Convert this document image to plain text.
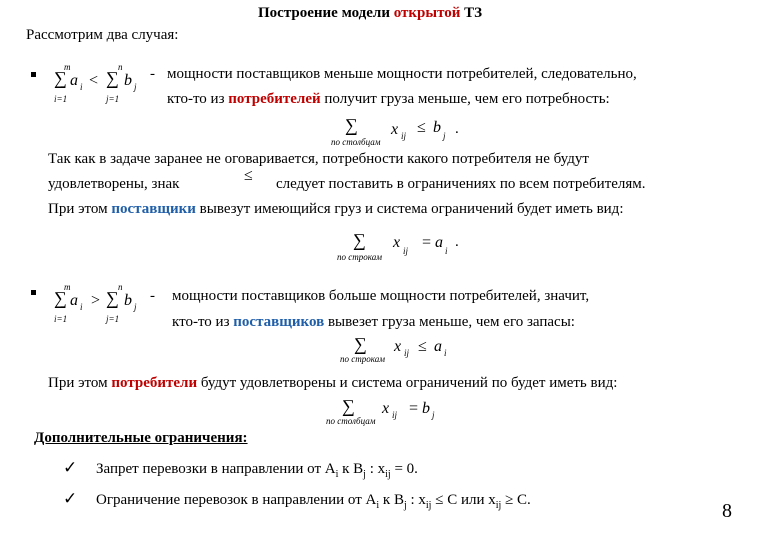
Построение модели открытой ТЗ
Рассмотрим два случая:
m
∑ a i
i=1
<
n
∑ b j
j=1
- мощности поставщиков меньше мощности потребителей, следовательно,
кто-то из потребителей получит груза меньше, чем его потребность:
∑
по столбцам
x ij ≤ b j .
Так как в задаче заранее не оговаривается, потребности какого потребителя не будут
удовлетворены, знак	≤ следует поставить в ограничениях по всем потребителям.
При этом поставщики вывезут имеющийся груз и система ограничений будет иметь вид:
∑
по строкам
x ij = a i
.
m
∑ a i
i=1
>
n
∑ b j
j=1
- мощности поставщиков больше мощности потребителей, значит,
кто-то из поставщиков вывезет груза меньше, чем его запасы:
∑
по строкам
x ij ≤ a i
При этом потребители будут удовлетворены и система ограничений по будет иметь вид:
∑
по столбцам
x ij = b j
Дополнительные ограничения:
✓ Запрет перевозки в направлении от $A_i$ к $B_j$ : $x_{ij} = 0$.
✓ Ограничение перевозок в направлении от $A_i$ к $B_j$ : $x_{ij} \le C$ или $x_{ij} \ge C$.	8
